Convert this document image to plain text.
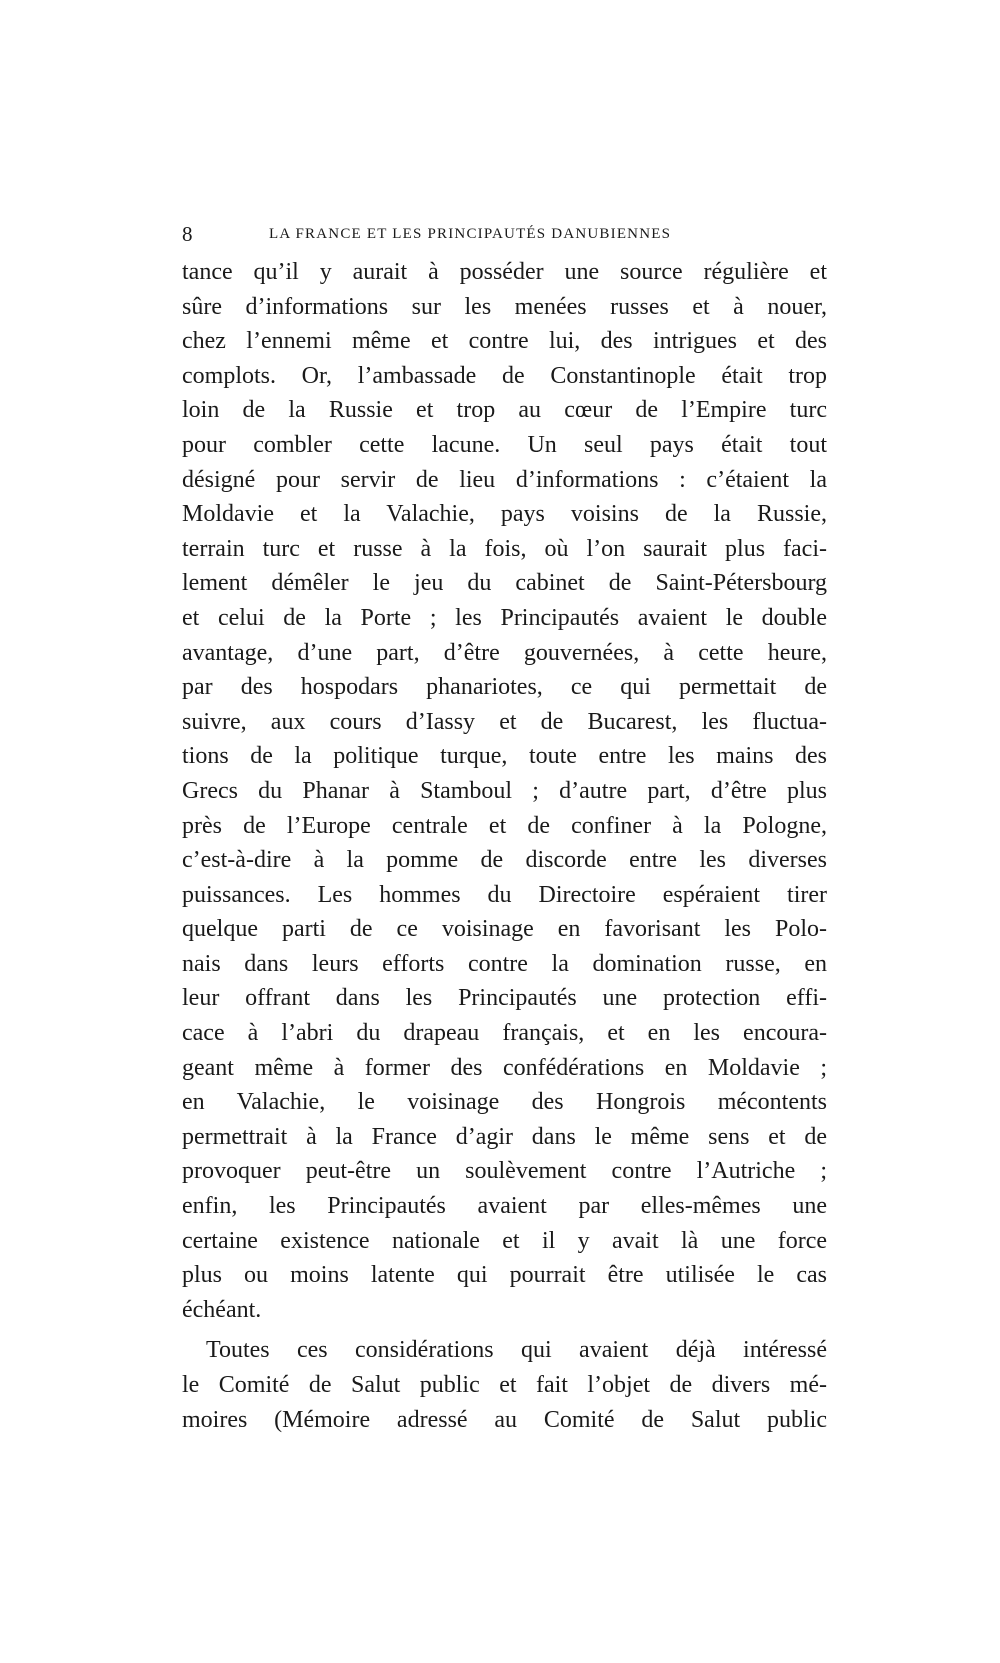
8	LA FRANCE ET LES PRINCIPAUTÉS DANUBIENNES
tance qu’il y aurait à posséder une source régulière et
sûre d’informations sur les menées russes et à nouer,
chez l’ennemi même et contre lui, des intrigues et des
complots. Or, l’ambassade de Constantinople était trop
loin de la Russie et trop au cœur de l’Empire turc
pour combler cette lacune. Un seul pays était tout
désigné pour servir de lieu d’informations : c’étaient la
Moldavie et la Valachie, pays voisins de la Russie,
terrain turc et russe à la fois, où l’on saurait plus faci-
lement démêler le jeu du cabinet de Saint-Pétersbourg
et celui de la Porte ; les Principautés avaient le double
avantage, d’une part, d’être gouvernées, à cette heure,
par des hospodars phanariotes, ce qui permettait de
suivre, aux cours d’Iassy et de Bucarest, les fluctua-
tions de la politique turque, toute entre les mains des
Grecs du Phanar à Stamboul ; d’autre part, d’être plus
près de l’Europe centrale et de confiner à la Pologne,
c’est-à-dire à la pomme de discorde entre les diverses
puissances. Les hommes du Directoire espéraient tirer
quelque parti de ce voisinage en favorisant les Polo-
nais dans leurs efforts contre la domination russe, en
leur offrant dans les Principautés une protection effi-
cace à l’abri du drapeau français, et en les encoura-
geant même à former des confédérations en Moldavie ;
en Valachie, le voisinage des Hongrois mécontents
permettrait à la France d’agir dans le même sens et de
provoquer peut-être un soulèvement contre l’Autriche ;
enfin, les Principautés avaient par elles-mêmes une
certaine existence nationale et il y avait là une force
plus ou moins latente qui pourrait être utilisée le cas
échéant.
Toutes ces considérations qui avaient déjà intéressé
le Comité de Salut public et fait l’objet de divers mé-
moires (Mémoire adressé au Comité de Salut public
